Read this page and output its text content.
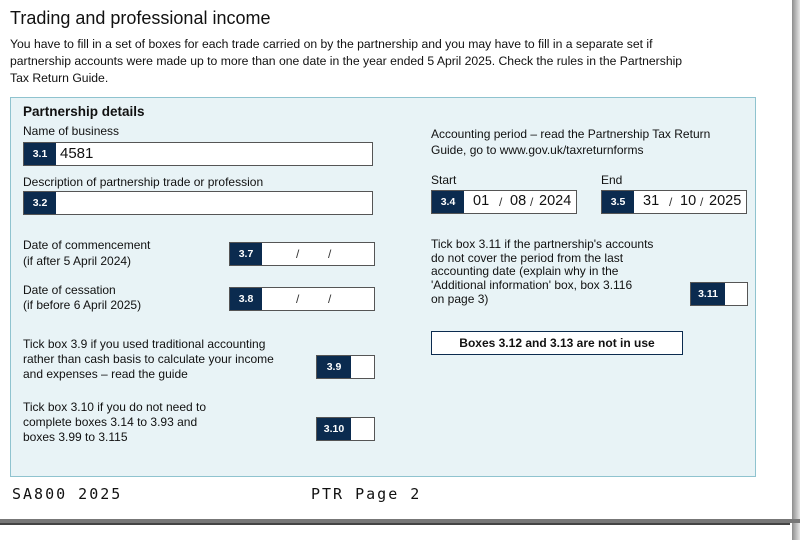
Trading and professional income
You have to fill in a set of boxes for each trade carried on by the partnership and you may have to fill in a separate set if partnership accounts were made up to more than one date in the year ended 5 April 2025. Check the rules in the Partnership Tax Return Guide.
Partnership details
Name of business
3.1 4581
Description of partnership trade or profession
3.2
Accounting period – read the Partnership Tax Return Guide, go to www.gov.uk/taxreturnforms
Start	End
3.4	01 / 08 / 2024	3.5	31 / 10 / 2025
Date of commencement
(if after 5 April 2024)	3.7	/ /
Date of cessation
(if before 6 April 2025)	3.8	/ /
Tick box 3.11 if the partnership's accounts
do not cover the period from the last
accounting date (explain why in the
'Additional information' box, box 3.116
on page 3)	3.11
Tick box 3.9 if you used traditional accounting
rather than cash basis to calculate your income
and expenses – read the guide	3.9
Boxes 3.12 and 3.13 are not in use
Tick box 3.10 if you do not need to
complete boxes 3.14 to 3.93 and
boxes 3.99 to 3.115
3.10
SA800 2025	PTR Page 2
